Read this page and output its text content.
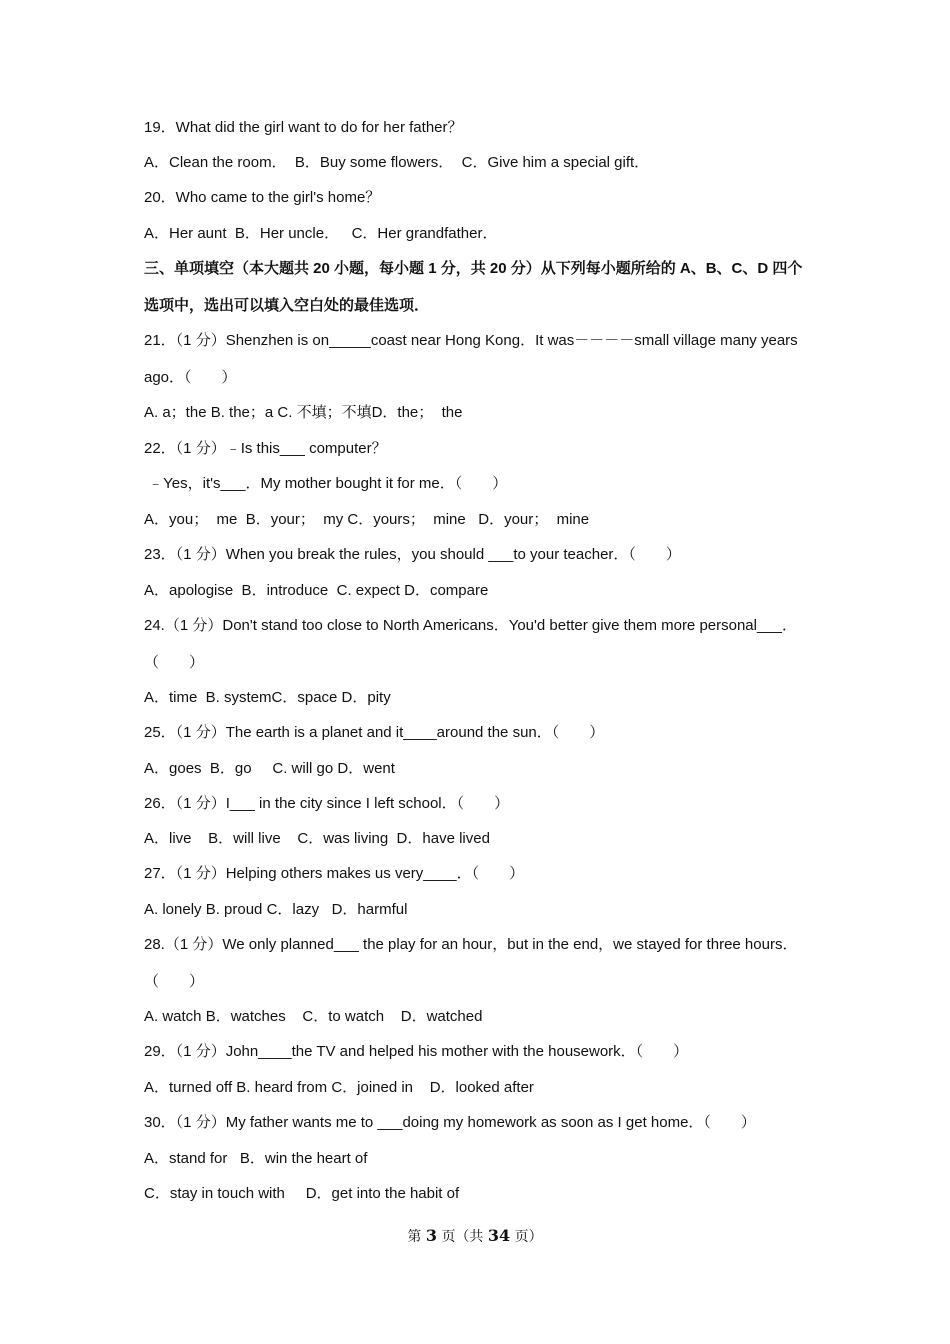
19．What did the girl want to do for her father？

A．Clean the room．  B．Buy some flowers．  C．Give him a special gift．

20．Who came to the girl's home？

A．Her aunt  B．Her uncle．   C．Her grandfather．

三、单项填空（本大题共 20 小题，每小题 1 分，共 20 分）从下列每小题所给的 A、B、C、D 四个

选项中，选出可以填入空白处的最佳选项．

21．（1 分）Shenzhen is on_____coast near Hong Kong．It was－－－－small village many years

ago．（　　）

A. a；the B. the；a C. 不填；不填D．the；  the

22．（1 分）﹣Is this___ computer？

﹣Yes，it's___．My mother bought it for me．（　　）

A．you；  me  B．your；  my C．yours；  mine   D．your；  mine

23．（1 分）When you break the rules，you should ___to your teacher．（　　）

A．apologise  B．introduce  C. expect D．compare

24.（1 分）Don't stand too close to North Americans．You'd better give them more personal___．

（　　）

A．time  B. systemC．space D．pity

25．（1 分）The earth is a planet and it____around the sun．（　　）

A．goes  B．go     C. will go D．went

26．（1 分）I___ in the city since I left school．（　　）

A．live    B．will live    C．was living  D．have lived

27．（1 分）Helping others makes us very____．（　　）

A. lonely B. proud C．lazy   D．harmful

28.（1 分）We only planned___ the play for an hour，but in the end，we stayed for three hours．

（　　）

A. watch B．watches    C．to watch    D．watched

29．（1 分）John____the TV and helped his mother with the housework．（　　）

A．turned off B. heard from C．joined in    D．looked after

30．（1 分）My father wants me to ___doing my homework as soon as I get home．（　　）

A．stand for   B．win the heart of

C．stay in touch with     D．get into the habit of

第 3 页（共 34 页）
